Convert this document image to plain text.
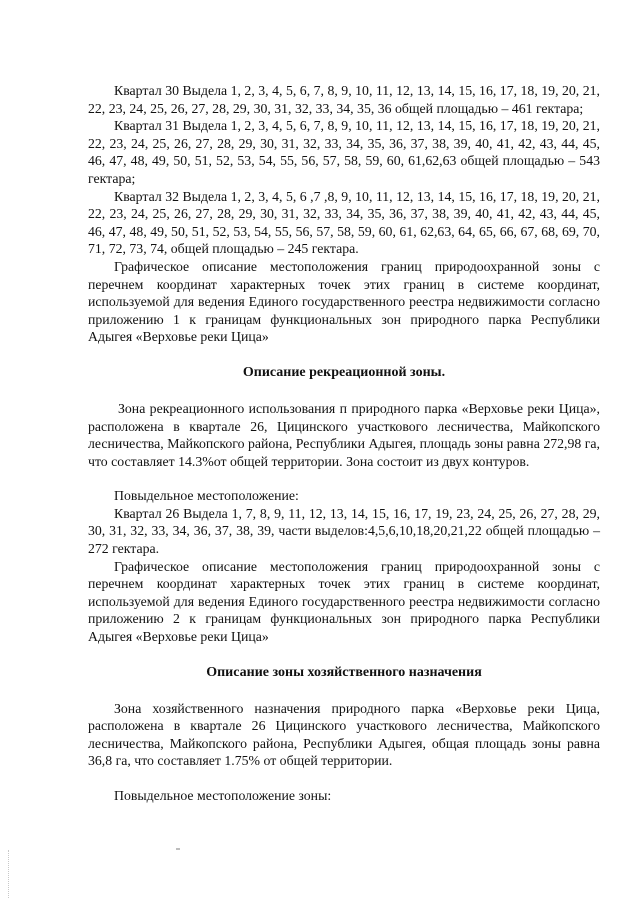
Квартал 30 Выдела 1, 2, 3, 4, 5, 6, 7, 8, 9, 10, 11, 12, 13, 14, 15, 16, 17, 18, 19, 20, 21, 22, 23, 24, 25, 26, 27, 28, 29, 30, 31, 32, 33, 34, 35, 36 общей площадью – 461 гектара;

Квартал 31 Выдела 1, 2, 3, 4, 5, 6, 7, 8, 9, 10, 11, 12, 13, 14, 15, 16, 17, 18, 19, 20, 21, 22, 23, 24, 25, 26, 27, 28, 29, 30, 31, 32, 33, 34, 35, 36, 37, 38, 39, 40, 41, 42, 43, 44, 45, 46, 47, 48, 49, 50, 51, 52, 53, 54, 55, 56, 57, 58, 59, 60, 61,62,63 общей площадью – 543 гектара;

Квартал 32 Выдела 1, 2, 3, 4, 5, 6 ,7 ,8, 9, 10, 11, 12, 13, 14, 15, 16, 17, 18, 19, 20, 21, 22, 23, 24, 25, 26, 27, 28, 29, 30, 31, 32, 33, 34, 35, 36, 37, 38, 39, 40, 41, 42, 43, 44, 45, 46, 47, 48, 49, 50, 51, 52, 53, 54, 55, 56, 57, 58, 59, 60, 61, 62,63, 64, 65, 66, 67, 68, 69, 70, 71, 72, 73, 74, общей площадью – 245 гектара.

Графическое описание местоположения границ природоохранной зоны с перечнем координат характерных точек этих границ в системе координат, используемой для ведения Единого государственного реестра недвижимости согласно приложению 1 к границам функциональных зон природного парка Республики Адыгея «Верховье реки Цица»

Описание рекреационной зоны.

Зона рекреационного использования п природного парка «Верховье реки Цица», расположена в квартале 26, Цицинского участкового лесничества, Майкопского лесничества, Майкопского района, Республики Адыгея, площадь зоны равна 272,98 га, что составляет 14.3%от общей территории. Зона состоит из двух контуров.

Повыдельное местоположение:

Квартал 26 Выдела 1, 7, 8, 9, 11, 12, 13, 14, 15, 16, 17, 19, 23, 24, 25, 26, 27, 28, 29, 30, 31, 32, 33, 34, 36, 37, 38, 39, части выделов:4,5,6,10,18,20,21,22 общей площадью – 272 гектара.

Графическое описание местоположения границ природоохранной зоны с перечнем координат характерных точек этих границ в системе координат, используемой для ведения Единого государственного реестра недвижимости согласно приложению 2 к границам функциональных зон природного парка Республики Адыгея «Верховье реки Цица»

Описание зоны хозяйственного назначения

Зона хозяйственного назначения природного парка «Верховье реки Цица, расположена в квартале 26 Цицинского участкового лесничества, Майкопского лесничества, Майкопского района, Республики Адыгея, общая площадь зоны равна 36,8 га, что составляет 1.75% от общей территории.

Повыдельное местоположение зоны:
